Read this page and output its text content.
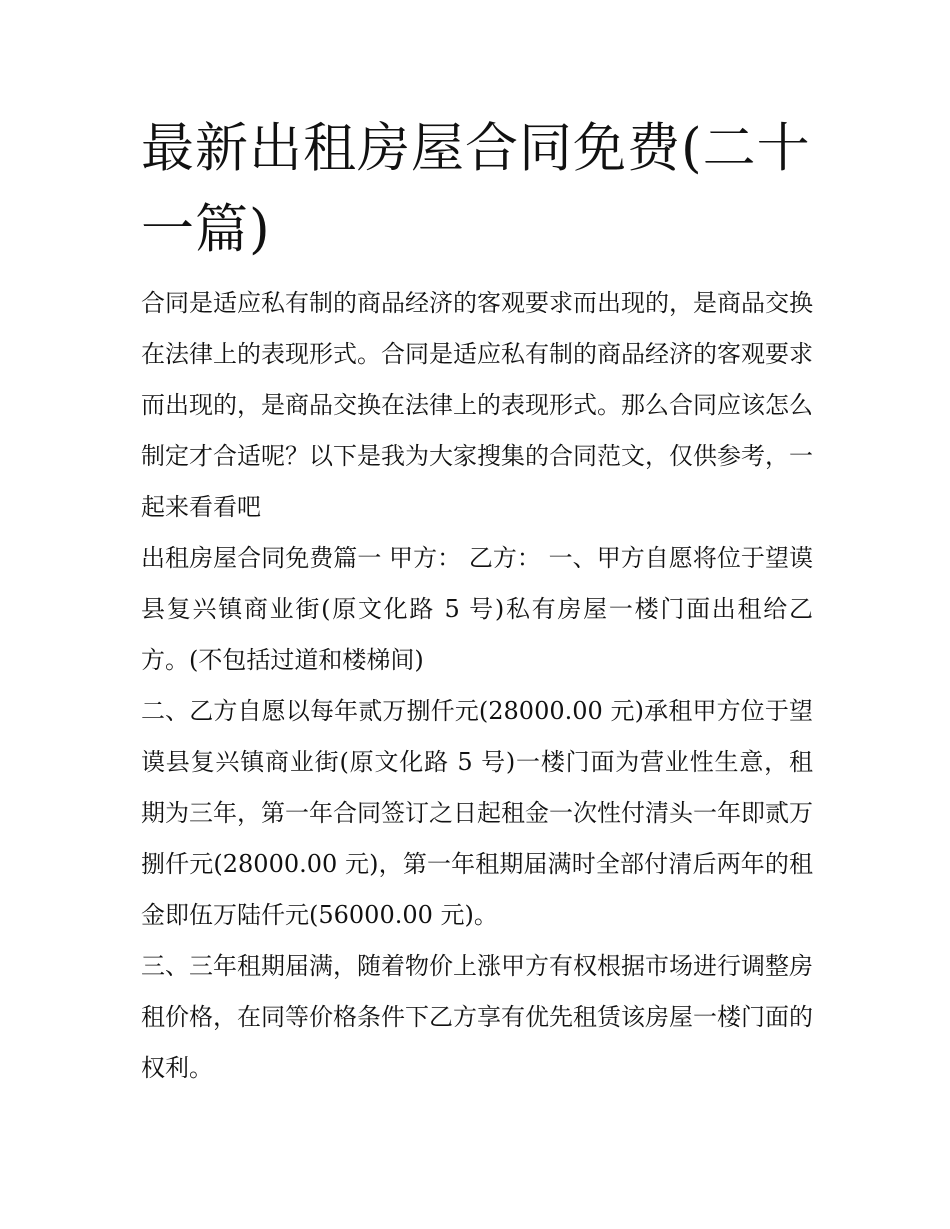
最新出租房屋合同免费(二十一篇)

合同是适应私有制的商品经济的客观要求而出现的，是商品交换在法律上的表现形式。合同是适应私有制的商品经济的客观要求而出现的，是商品交换在法律上的表现形式。那么合同应该怎么制定才合适呢？以下是我为大家搜集的合同范文，仅供参考，一起来看看吧

出租房屋合同免费篇一 甲方： 乙方： 一、甲方自愿将位于望谟县复兴镇商业街(原文化路 5 号)私有房屋一楼门面出租给乙方。(不包括过道和楼梯间)

二、乙方自愿以每年贰万捌仟元(28000.00 元)承租甲方位于望谟县复兴镇商业街(原文化路 5 号)一楼门面为营业性生意，租期为三年，第一年合同签订之日起租金一次性付清头一年即贰万捌仟元(28000.00 元)，第一年租期届满时全部付清后两年的租金即伍万陆仟元(56000.00 元)。

三、三年租期届满，随着物价上涨甲方有权根据市场进行调整房租价格，在同等价格条件下乙方享有优先租赁该房屋一楼门面的权利。
